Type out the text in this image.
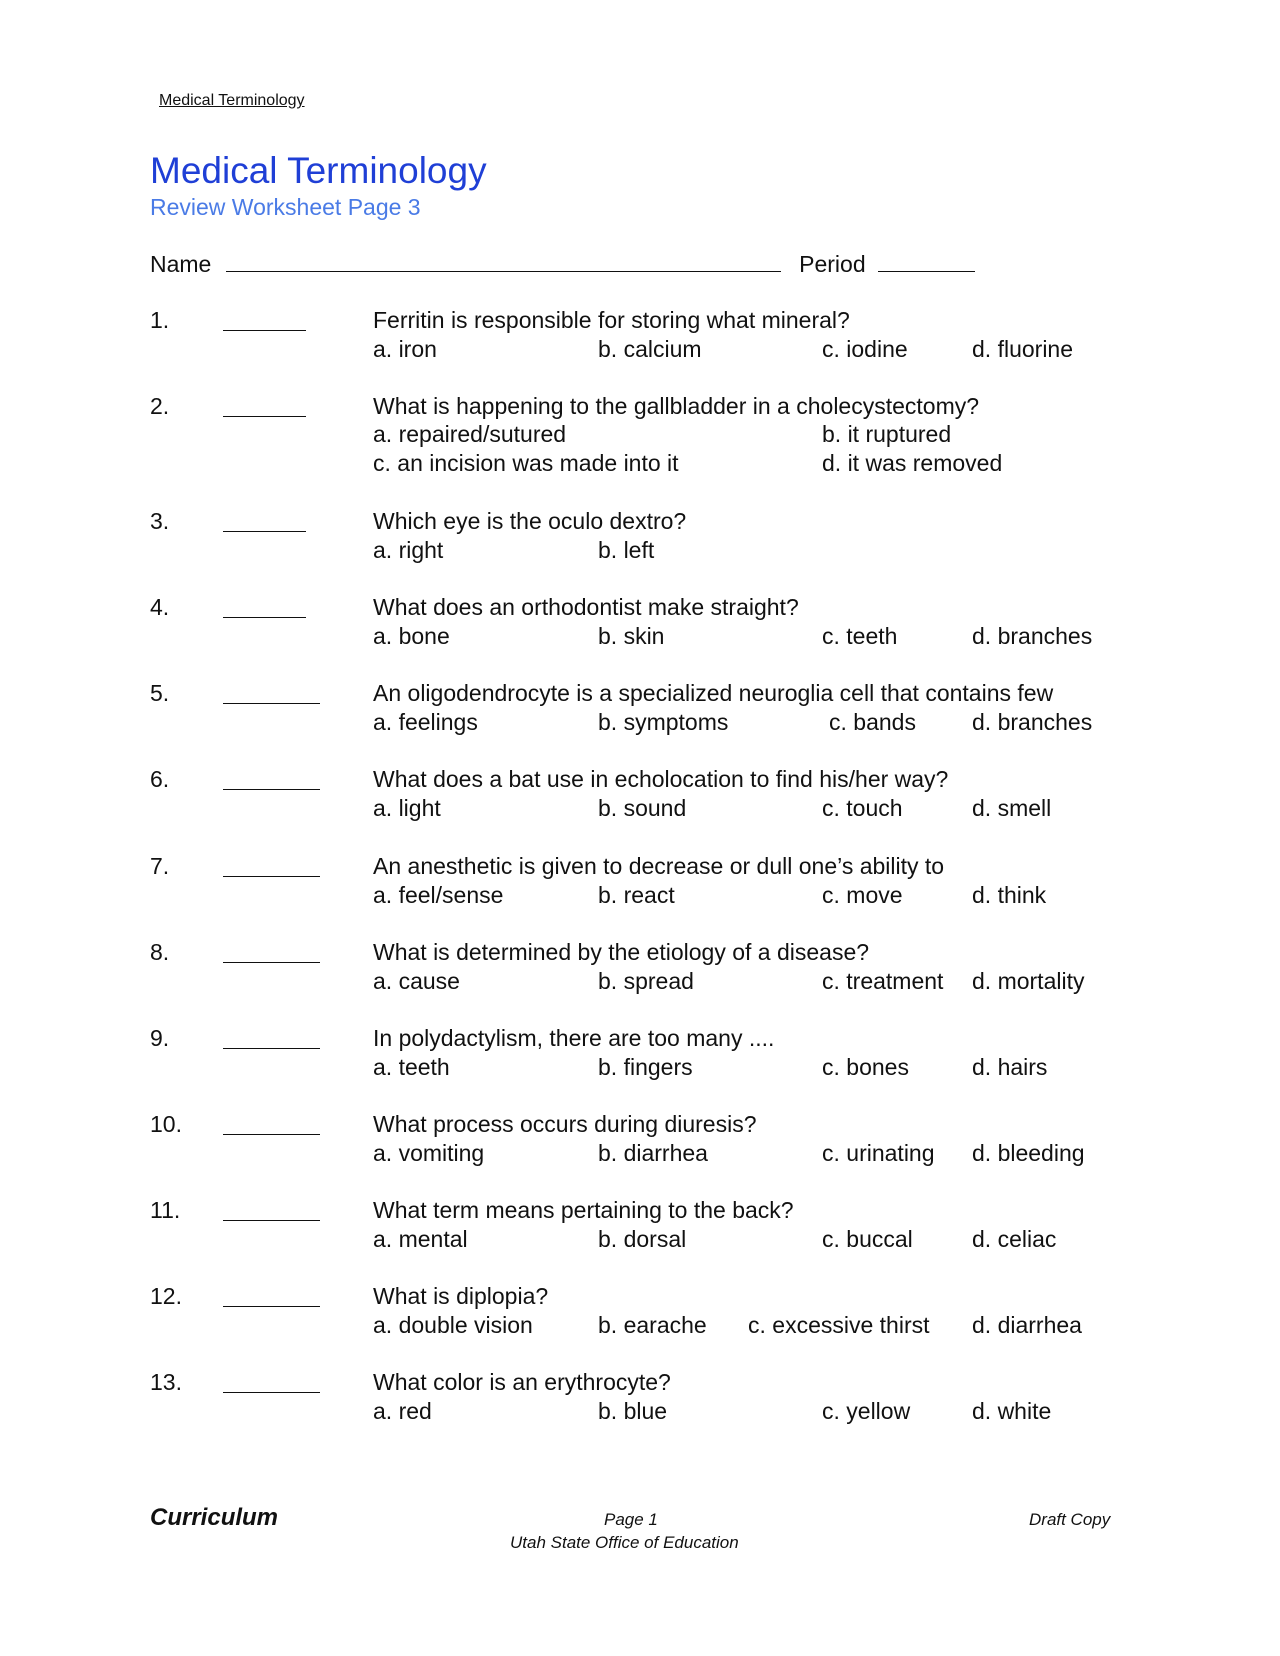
Medical Terminology
Medical Terminology
Review Worksheet Page 3
Name	Period
1.	Ferritin is responsible for storing what mineral?
a. iron	b. calcium	c. iodine	d. fluorine
2.	What is happening to the gallbladder in a cholecystectomy?
a. repaired/sutured	b. it ruptured
c. an incision was made into it	d. it was removed
3.	Which eye is the oculo dextro?
a. right	b. left
4.	What does an orthodontist make straight?
a. bone	b. skin	c. teeth	d. branches
5.	An oligodendrocyte is a specialized neuroglia cell that contains few
a. feelings	b. symptoms	c. bands d. branches
6.	What does a bat use in echolocation to find his/her way?
a. light	b. sound	c. touch	d. smell
7.	An anesthetic is given to decrease or dull one’s ability to
a. feel/sense	b. react	c. move	d. think
8.	What is determined by the etiology of a disease?
a. cause	b. spread	c. treatment d. mortality
9.	In polydactylism, there are too many ....
a. teeth	b. fingers	c. bones	d. hairs
10.	What process occurs during diuresis?
a. vomiting	b. diarrhea	c. urinating d. bleeding
11.	What term means pertaining to the back?
a. mental	b. dorsal	c. buccal	d. celiac
12.	What is diplopia?
a. double vision	b. earache c. excessive thirst d. diarrhea
13.	What color is an erythrocyte?
a. red	b. blue	c. yellow	d. white
Curriculum	Page 1
Utah State Office of Education
Draft Copy
